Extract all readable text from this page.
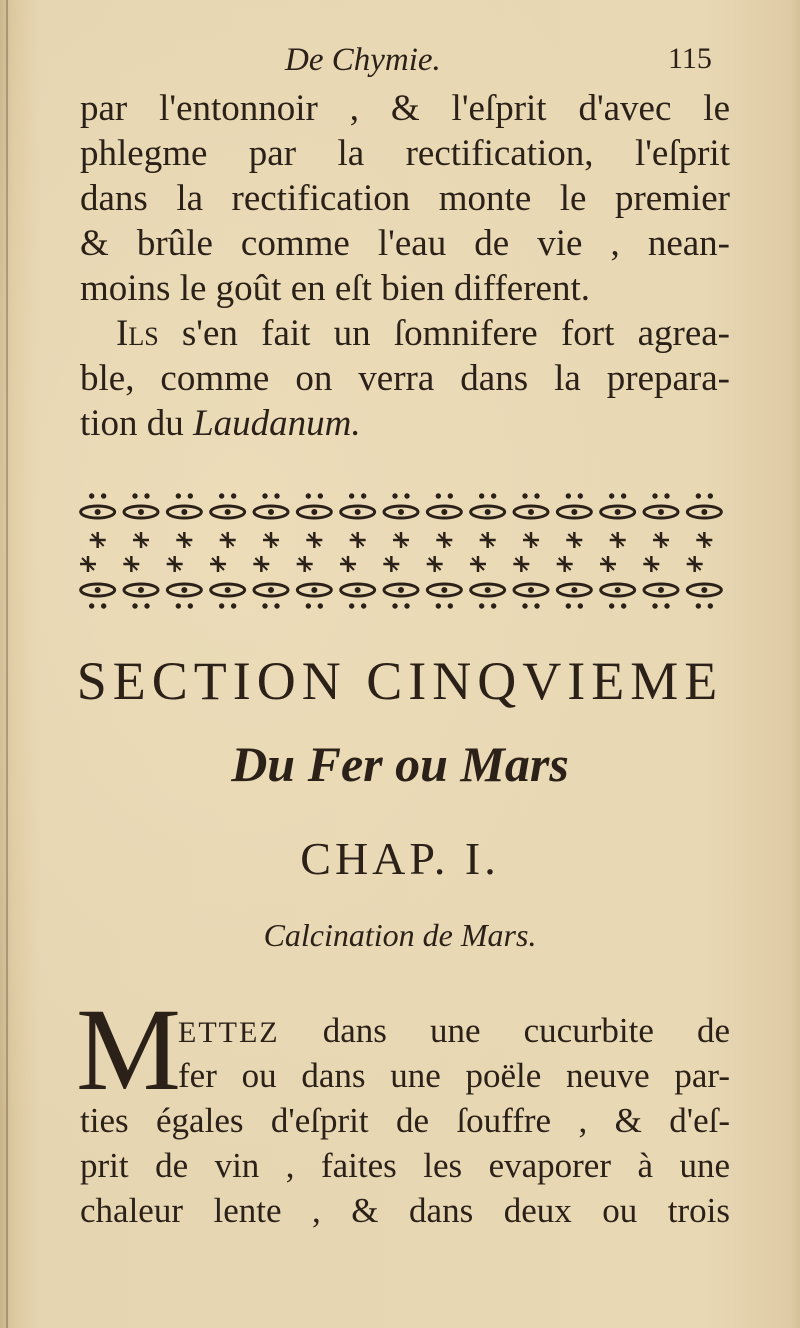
De Chymie.	115
par l'entonnoir , & l'eſprit d'avec le
phlegme par la rectification, l'eſprit
dans la rectification monte le premier
& brûle comme l'eau de vie , nean-
moins le goût en eſt bien different.
Ils s'en fait un ſomnifere fort agrea-
ble, comme on verra dans la prepara-
tion du Laudanum.
SECTION CINQVIEME
Du Fer ou Mars
CHAP. I.
Calcination de Mars.
M
ETTEZ dans une cucurbite de
fer ou dans une poële neuve par-
ties égales d'eſprit de ſouffre , & d'eſ-
prit de vin , faites les evaporer à une
chaleur lente , & dans deux ou trois
